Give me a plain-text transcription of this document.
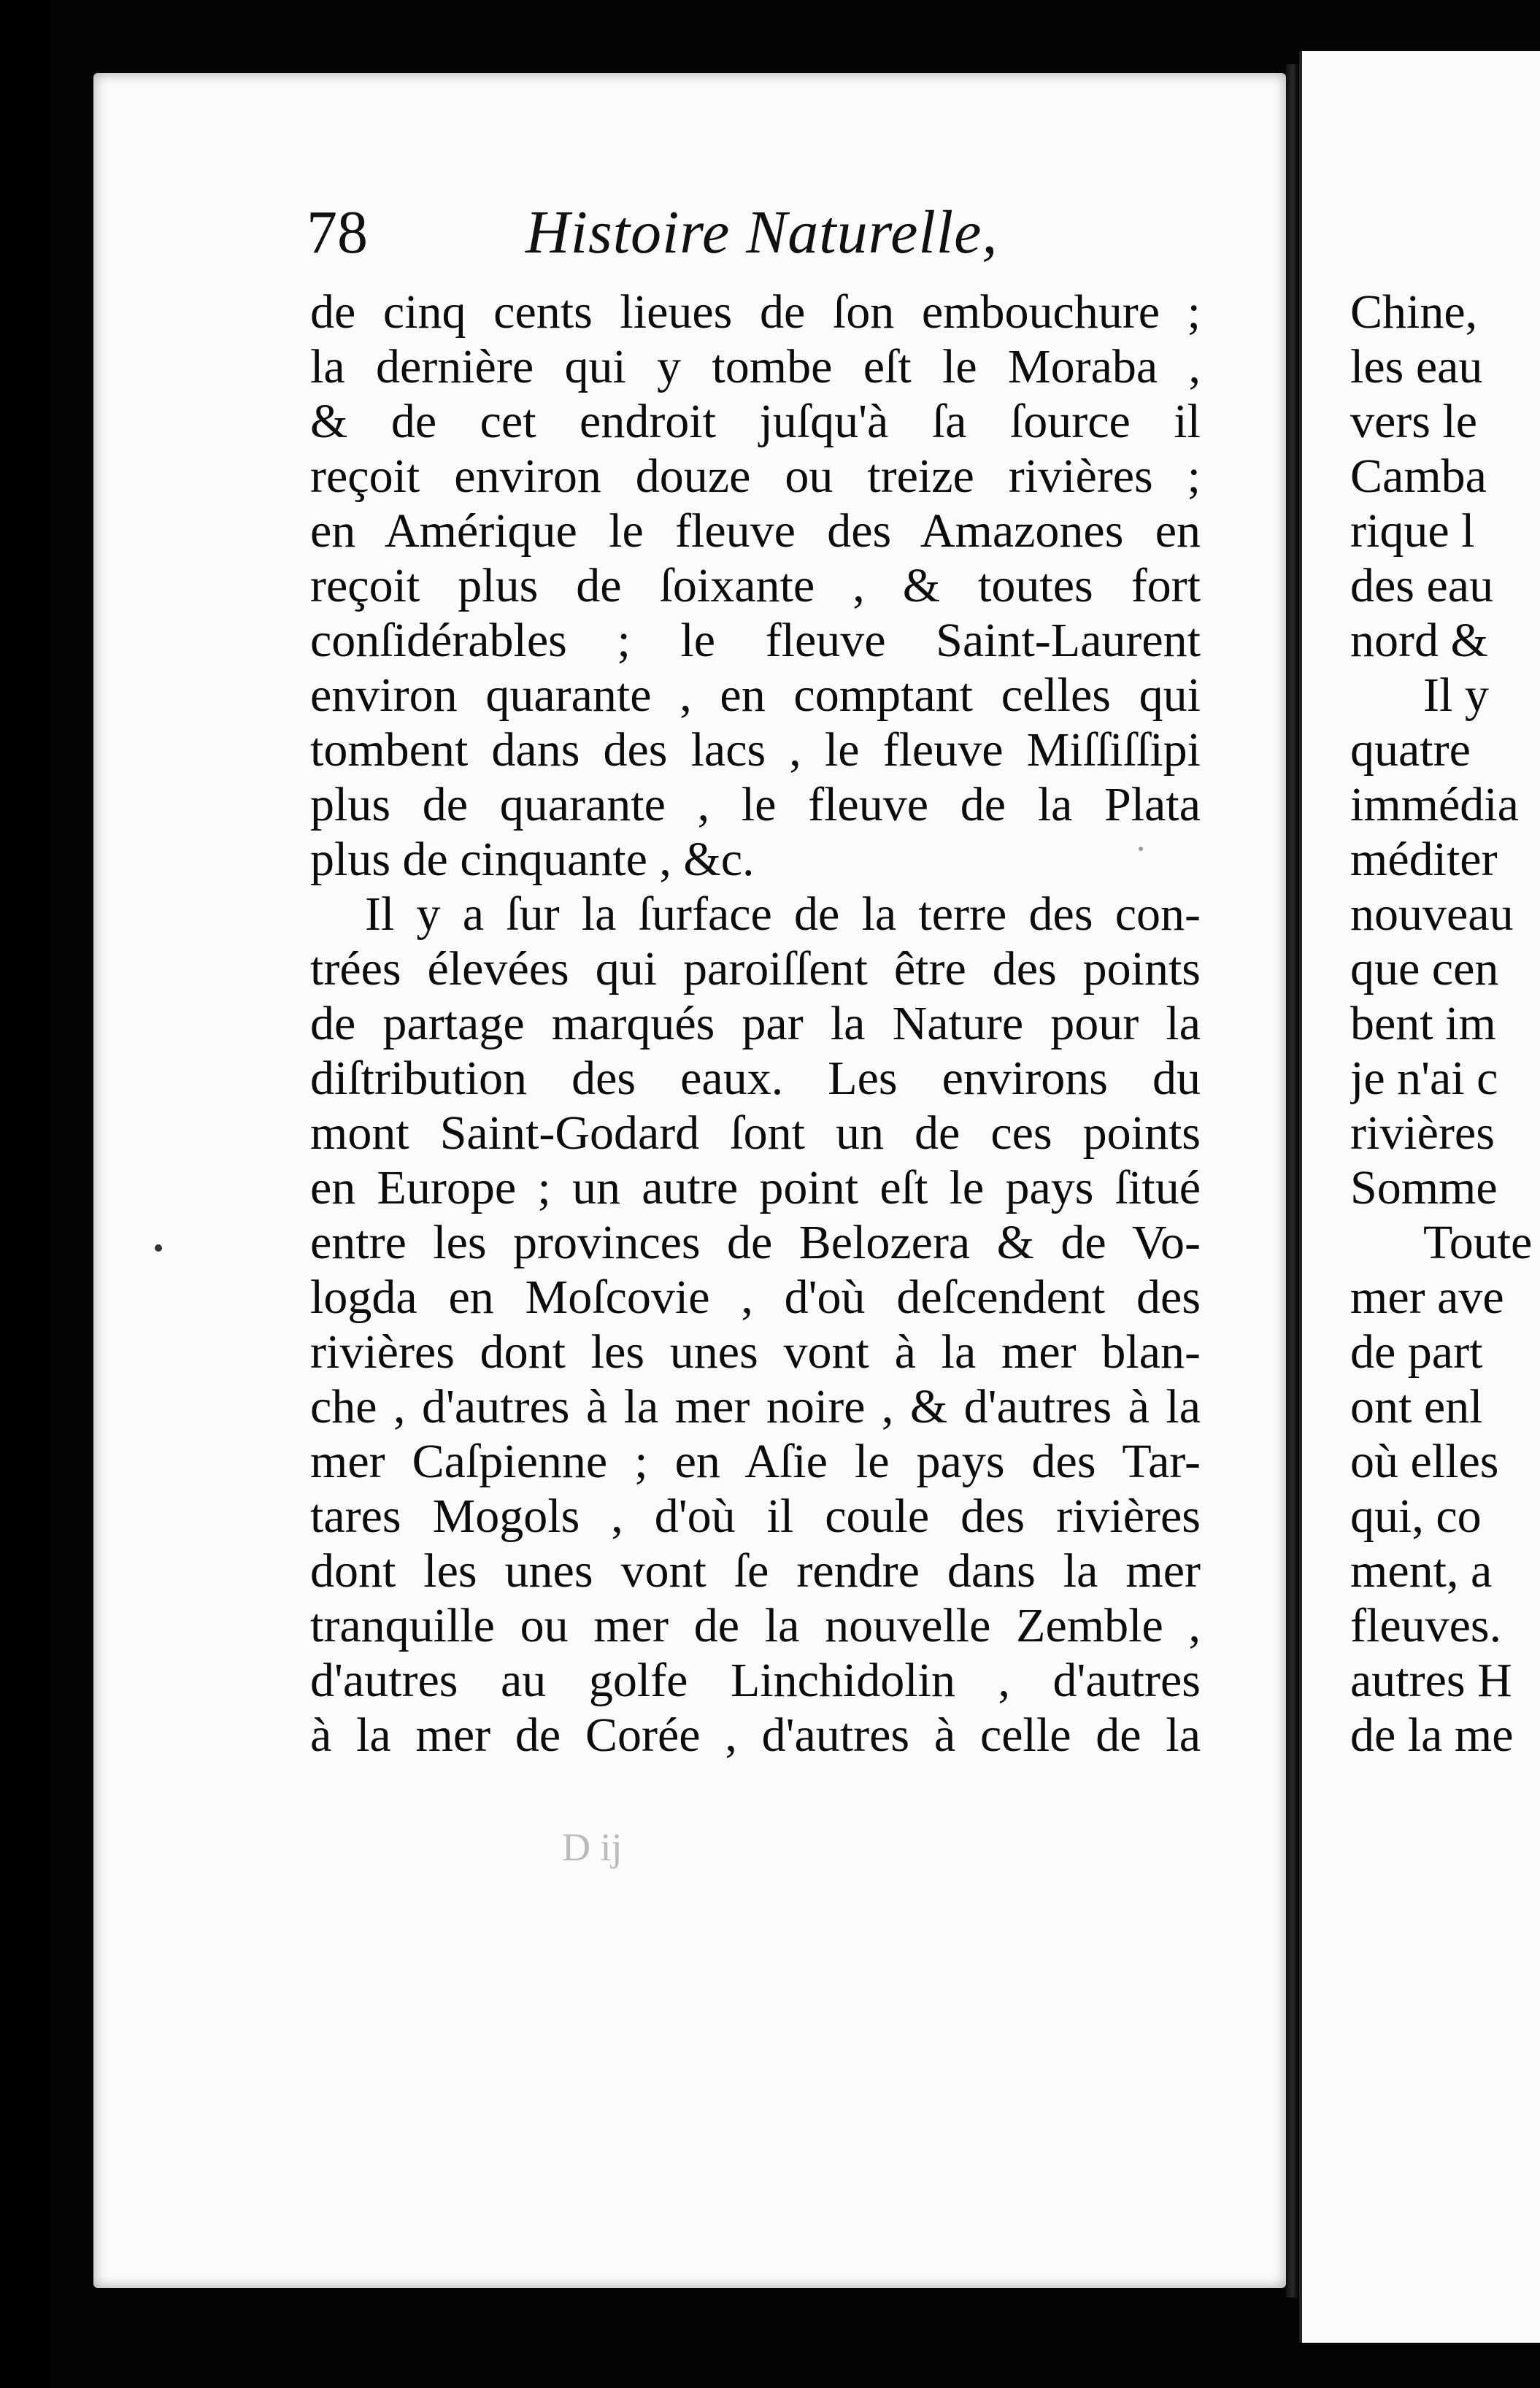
78	Histoire Naturelle,
de cinq cents lieues de ſon embouchure ;
la dernière qui y tombe eſt le Moraba ,
& de cet endroit juſqu'à ſa ſource il
reçoit environ douze ou treize rivières ;
en Amérique le fleuve des Amazones en
reçoit plus de ſoixante , & toutes fort
conſidérables ; le fleuve Saint-Laurent
environ quarante , en comptant celles qui
tombent dans des lacs , le fleuve Miſſiſſipi
plus de quarante , le fleuve de la Plata
plus de cinquante , &c.
Il y a ſur la ſurface de la terre des con-
trées élevées qui paroiſſent être des points
de partage marqués par la Nature pour la
diſtribution des eaux. Les environs du
mont Saint-Godard ſont un de ces points
en Europe ; un autre point eſt le pays ſitué
entre les provinces de Belozera & de Vo-
logda en Moſcovie , d'où deſcendent des
rivières dont les unes vont à la mer blan-
che , d'autres à la mer noire , & d'autres à la
mer Caſpienne ; en Aſie le pays des Tar-
tares Mogols , d'où il coule des rivières
dont les unes vont ſe rendre dans la mer
tranquille ou mer de la nouvelle Zemble ,
d'autres au golfe Linchidolin , d'autres
à la mer de Corée , d'autres à celle de la
D ij
Chine,
les eau
vers le
Camba
rique l
des eau
nord &
Il y
quatre
immédia
méditer
nouveau
que cen
bent im
je n'ai c
rivières
Somme
Toute
mer ave
de part
ont enl
où elles
qui, co
ment, a
fleuves.
autres H
de la me
